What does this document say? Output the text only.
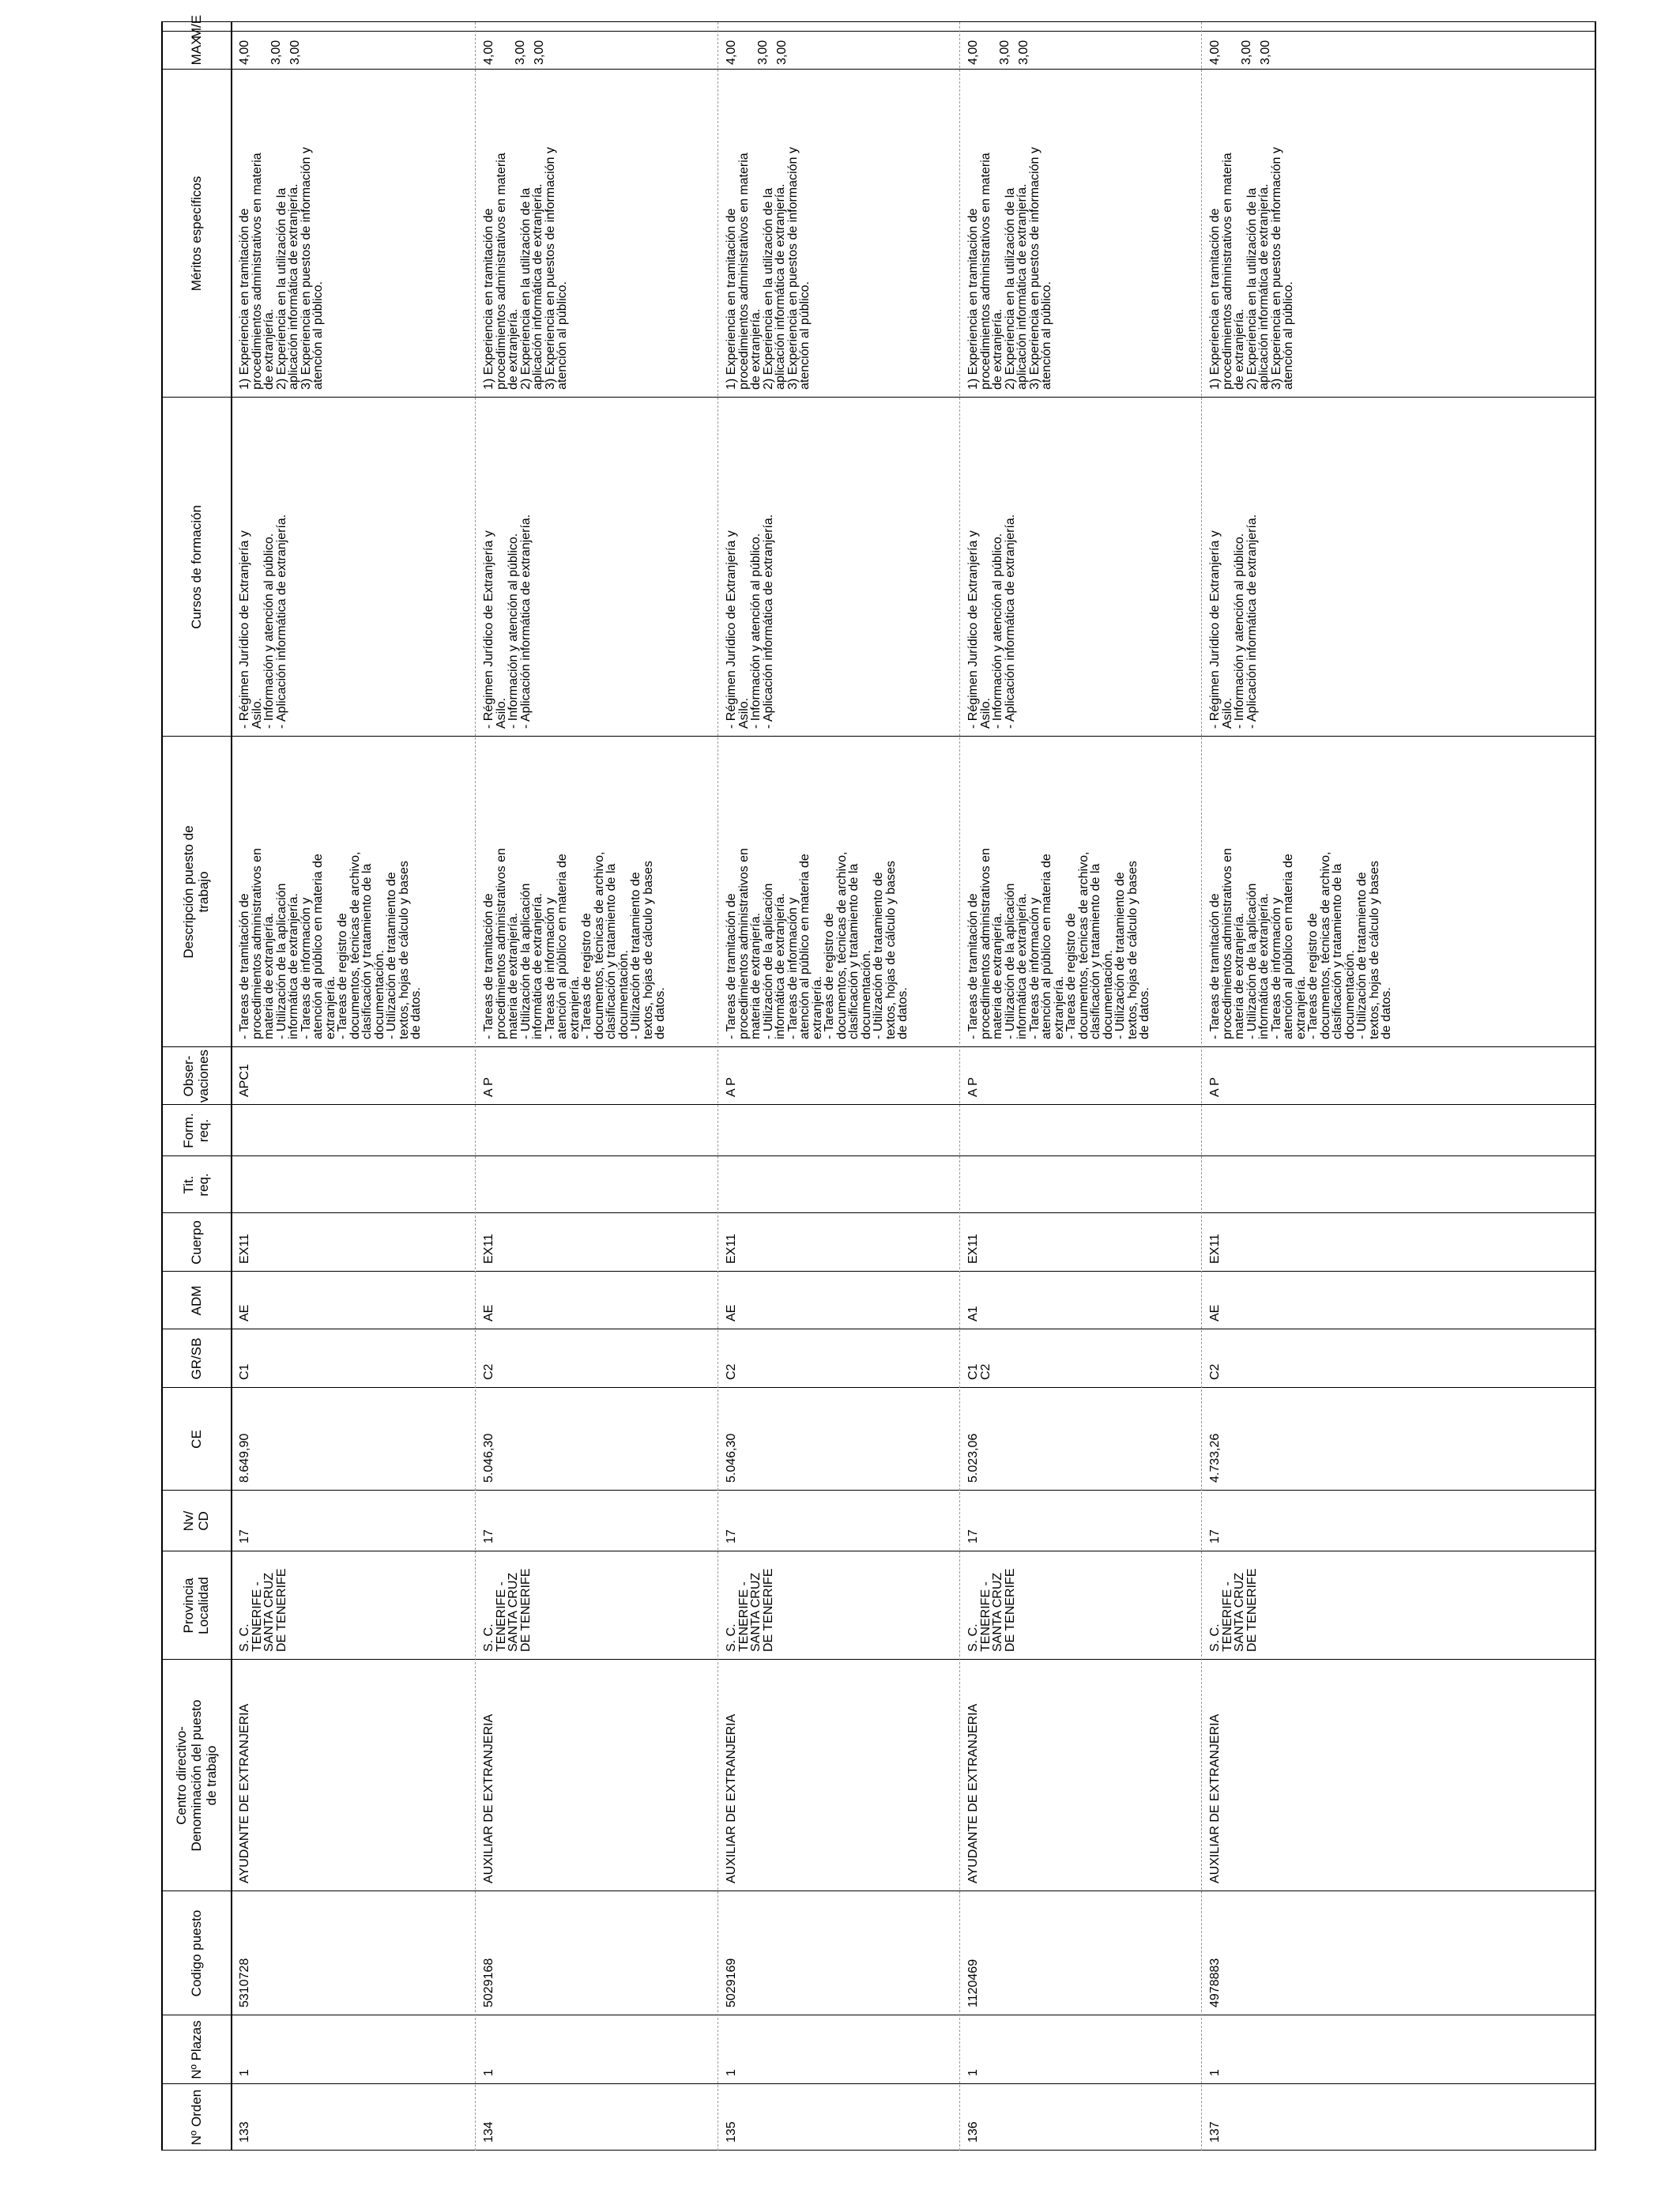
Nº Orden
Nº Plazas
Codigo puesto
Centro directivo-
Denominación del puesto
de trabajo
Provincia
Localidad
Nv/
CD
CE
GR/SB
ADM
Cuerpo
Tit.
req.
Form.
req.
Obser-
vaciones
Descripción puesto de
trabajo
Cursos de formación
Méritos específicos
MAX
M/E
133
1
5310728
AYUDANTE DE EXTRANJERIA
S. C.
TENERIFE -
SANTA CRUZ
DE TENERIFE
17
8.649,90
C1
AE
EX11
APC1
- Tareas de tramitación de
procedimientos administrativos en
materia de extranjería.
- Utilización de la aplicación
informática de extranjería.
- Tareas de información y
atención al público en materia de
extranjería.
- Tareas de registro de
documentos, técnicas de archivo,
clasificación y tratamiento de la
documentación.
- Utilización de tratamiento de
textos, hojas de cálculo y bases
de datos.
- Régimen Jurídico de Extranjería y
Asilo.
- Información y atención al público.
- Aplicación informática de extranjería.
1) Experiencia en tramitación de
procedimientos administrativos en materia
de extranjería.
2) Experiencia en la utilización de la
aplicación informática de extranjería.
3) Experiencia en puestos de información y
atención al público.
4,00 3,00 3,00
134
1
5029168
AUXILIAR DE EXTRANJERIA
S. C.
TENERIFE -
SANTA CRUZ
DE TENERIFE
17
5.046,30
C2
AE
EX11
A P
- Tareas de tramitación de
procedimientos administrativos en
materia de extranjería.
- Utilización de la aplicación
informática de extranjería.
- Tareas de información y
atención al público en materia de
extranjería.
- Tareas de registro de
documentos, técnicas de archivo,
clasificación y tratamiento de la
documentación.
- Utilización de tratamiento de
textos, hojas de cálculo y bases
de datos.
- Régimen Jurídico de Extranjería y
Asilo.
- Información y atención al público.
- Aplicación informática de extranjería.
1) Experiencia en tramitación de
procedimientos administrativos en materia
de extranjería.
2) Experiencia en la utilización de la
aplicación informática de extranjería.
3) Experiencia en puestos de información y
atención al público.
4,00 3,00 3,00
135
1
5029169
AUXILIAR DE EXTRANJERIA
S. C.
TENERIFE -
SANTA CRUZ
DE TENERIFE
17
5.046,30
C2
AE
EX11
A P
- Tareas de tramitación de
procedimientos administrativos en
materia de extranjería.
- Utilización de la aplicación
informática de extranjería.
- Tareas de información y
atención al público en materia de
extranjería.
- Tareas de registro de
documentos, técnicas de archivo,
clasificación y tratamiento de la
documentación.
- Utilización de tratamiento de
textos, hojas de cálculo y bases
de datos.
- Régimen Jurídico de Extranjería y
Asilo.
- Información y atención al público.
- Aplicación informática de extranjería.
1) Experiencia en tramitación de
procedimientos administrativos en materia
de extranjería.
2) Experiencia en la utilización de la
aplicación informática de extranjería.
3) Experiencia en puestos de información y
atención al público.
4,00 3,00 3,00
136
1
1120469
AYUDANTE DE EXTRANJERIA
S. C.
TENERIFE -
SANTA CRUZ
DE TENERIFE
17
5.023,06
C1
C2
A1
EX11
A P
- Tareas de tramitación de
procedimientos administrativos en
materia de extranjería.
- Utilización de la aplicación
informática de extranjería.
- Tareas de información y
atención al público en materia de
extranjería.
- Tareas de registro de
documentos, técnicas de archivo,
clasificación y tratamiento de la
documentación.
- Utilización de tratamiento de
textos, hojas de cálculo y bases
de datos.
- Régimen Jurídico de Extranjería y
Asilo.
- Información y atención al público.
- Aplicación informática de extranjería.
1) Experiencia en tramitación de
procedimientos administrativos en materia
de extranjería.
2) Experiencia en la utilización de la
aplicación informática de extranjería.
3) Experiencia en puestos de información y
atención al público.
4,00 3,00 3,00
137
1
4978883
AUXILIAR DE EXTRANJERIA
S. C.
TENERIFE -
SANTA CRUZ
DE TENERIFE
17
4.733,26
C2
AE
EX11
A P
- Tareas de tramitación de
procedimientos administrativos en
materia de extranjería.
- Utilización de la aplicación
informática de extranjería.
- Tareas de información y
atención al público en materia de
extranjería.
- Tareas de registro de
documentos, técnicas de archivo,
clasificación y tratamiento de la
documentación.
- Utilización de tratamiento de
textos, hojas de cálculo y bases
de datos.
- Régimen Jurídico de Extranjería y
Asilo.
- Información y atención al público.
- Aplicación informática de extranjería.
1) Experiencia en tramitación de
procedimientos administrativos en materia
de extranjería.
2) Experiencia en la utilización de la
aplicación informática de extranjería.
3) Experiencia en puestos de información y
atención al público.
4,00 3,00 3,00
